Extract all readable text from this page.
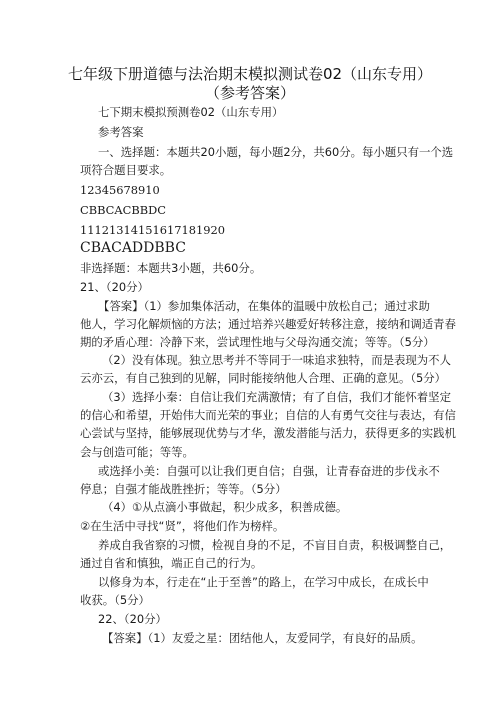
七年级下册道德与法治期末模拟测试卷02（山东专用）
（参考答案）
七下期末模拟预测卷02（山东专用）
参考答案
一、选择题：本题共20小题，每小题2分，共60分。每小题只有一个选
项符合题目要求。
12345678910
CBBCACBBDC
11121314151617181920
CBACADDBBC
非选择题：本题共3小题，共60分。
21、（20分）
【答案】（1）参加集体活动，在集体的温暖中放松自己；通过求助
他人，学习化解烦恼的方法；通过培养兴趣爱好转移注意，接纳和调适青春
期的矛盾心理：冷静下来，尝试理性地与父母沟通交流；等等。（5分）
（2）没有体现。独立思考并不等同于一味追求独特，而是表现为不人
云亦云，有自己独到的见解，同时能接纳他人合理、正确的意见。（5分）
（3）选择小秦：自信让我们充满激情；有了自信，我们才能怀着坚定
的信心和希望，开始伟大而光荣的事业；自信的人有勇气交往与表达，有信
心尝试与坚持，能够展现优势与才华，激发潜能与活力，获得更多的实践机
会与创造可能；等等。
或选择小美：自强可以让我们更自信；自强，让青春奋进的步伐永不
停息；自强才能战胜挫折；等等。（5分）
（4）①从点滴小事做起，积少成多，积善成德。
②在生活中寻找“贤”，将他们作为榜样。
养成自我省察的习惯，检视自身的不足，不盲目自责，积极调整自己，
通过自省和慎独，端正自己的行为。
以修身为本，行走在“止于至善”的路上，在学习中成长，在成长中
收获。（5分）
22、（20分）
【答案】（1）友爱之星：团结他人，友爱同学，有良好的品质。
